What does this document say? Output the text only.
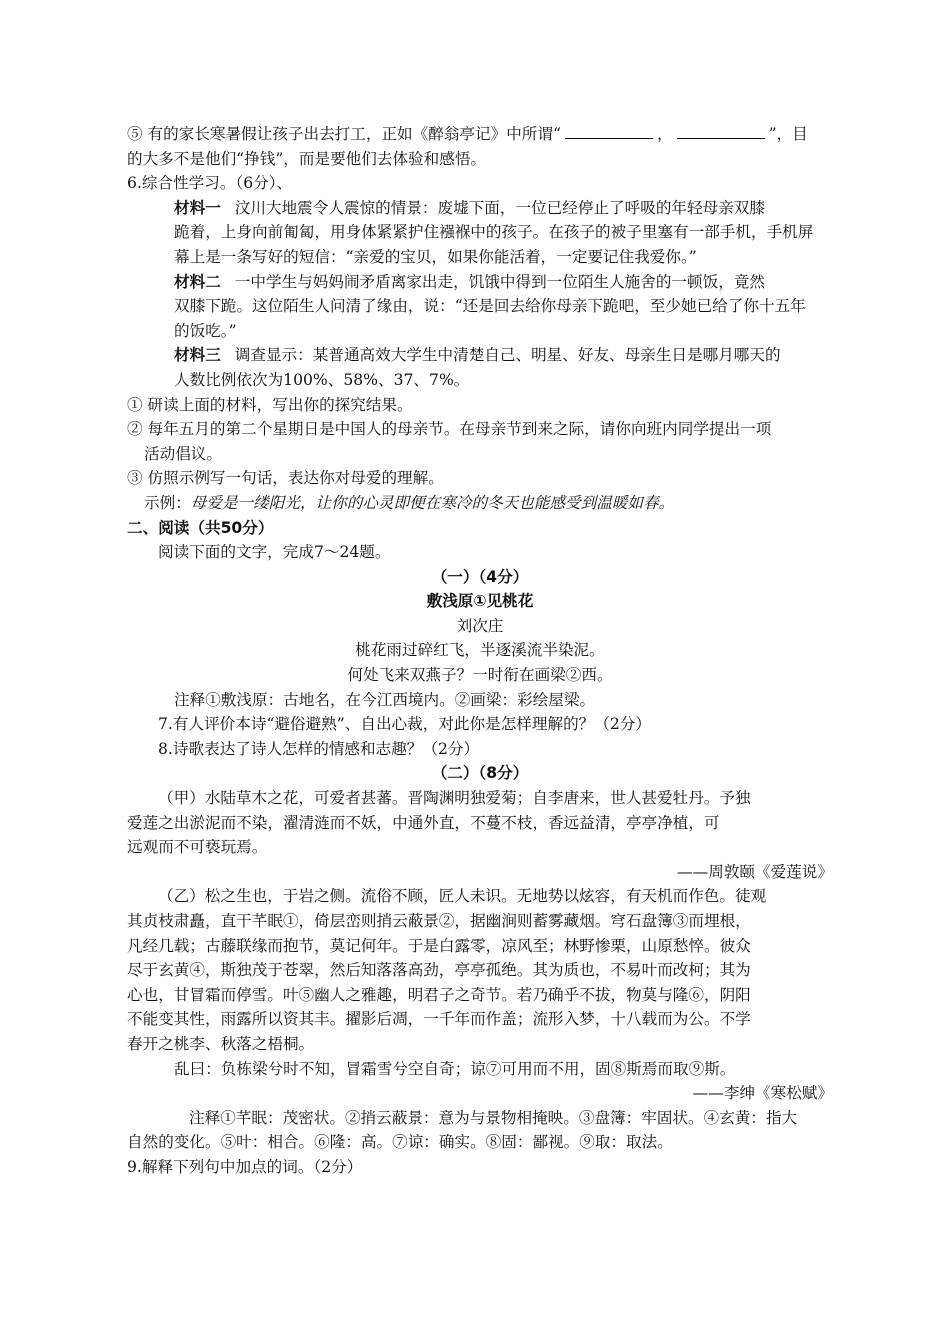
⑤ 有的家长寒暑假让孩子出去打工，正如《醉翁亭记》中所谓“	，	”，目
的大多不是他们“挣钱”，而是要他们去体验和感悟。
6.综合性学习。（6分）、
材料一 汶川大地震令人震惊的情景：废墟下面，一位已经停止了呼吸的年轻母亲双膝
跪着，上身向前匍匐，用身体紧紧护住襁褓中的孩子。在孩子的被子里塞有一部手机，手机屏
幕上是一条写好的短信：“亲爱的宝贝，如果你能活着，一定要记住我爱你。”
材料二 一中学生与妈妈闹矛盾离家出走，饥饿中得到一位陌生人施舍的一顿饭，竟然
双膝下跪。这位陌生人问清了缘由，说：“还是回去给你母亲下跪吧，至少她已给了你十五年
的饭吃。”
材料三 调查显示：某普通高效大学生中清楚自己、明星、好友、母亲生日是哪月哪天的
人数比例依次为100%、58%、37、7%。
① 研读上面的材料，写出你的探究结果。
② 每年五月的第二个星期日是中国人的母亲节。在母亲节到来之际，请你向班内同学提出一项
活动倡议。
③ 仿照示例写一句话，表达你对母爱的理解。
示例：母爱是一缕阳光，让你的心灵即便在寒冷的冬天也能感受到温暖如春。
二、阅读（共50分）
阅读下面的文字，完成7～24题。
（一）（4分）
敷浅原①见桃花
刘次庄
桃花雨过碎红飞，半逐溪流半染泥。
何处飞来双燕子？一时衔在画梁②西。
注释①敷浅原：古地名，在今江西境内。②画梁：彩绘屋梁。
7.有人评价本诗“避俗避熟”、自出心裁，对此你是怎样理解的？（2分）
8.诗歌表达了诗人怎样的情感和志趣？（2分）
（二）（8分）
（甲）水陆草木之花，可爱者甚蕃。晋陶渊明独爱菊；自李唐来，世人甚爱牡丹。予独
爱莲之出淤泥而不染，濯清涟而不妖，中通外直，不蔓不枝，香远益清，亭亭净植，可
远观而不可亵玩焉。
——周敦颐《爱莲说》
（乙）松之生也，于岩之侧。流俗不顾，匠人未识。无地势以炫容，有天机而作色。徒观
其贞枝肃矗，直干芊眠①，倚层峦则捎云蔽景②，据幽涧则蓄雾藏烟。穹石盘簿③而埋根，
凡经几载；古藤联缘而抱节，莫记何年。于是白露零，凉风至；林野惨栗，山原愁悴。彼众
尽于玄黄④，斯独茂于苍翠，然后知落落高劲，亭亭孤绝。其为质也，不易叶而改柯；其为
心也，甘冒霜而停雪。叶⑤幽人之雅趣，明君子之奇节。若乃确乎不拔，物莫与隆⑥，阴阳
不能变其性，雨露所以资其丰。擢影后凋，一千年而作盖；流形入梦，十八载而为公。不学
春开之桃李、秋落之梧桐。
乱曰：负栋梁兮时不知，冒霜雪兮空自奇；谅⑦可用而不用，固⑧斯焉而取⑨斯。
——李绅《寒松赋》
注释①芊眠：茂密状。②捎云蔽景：意为与景物相掩映。③盘簿：牢固状。④玄黄：指大
自然的变化。⑤叶：相合。⑥隆：高。⑦谅：确实。⑧固：鄙视。⑨取：取法。
9.解释下列句中加点的词。（2分）
